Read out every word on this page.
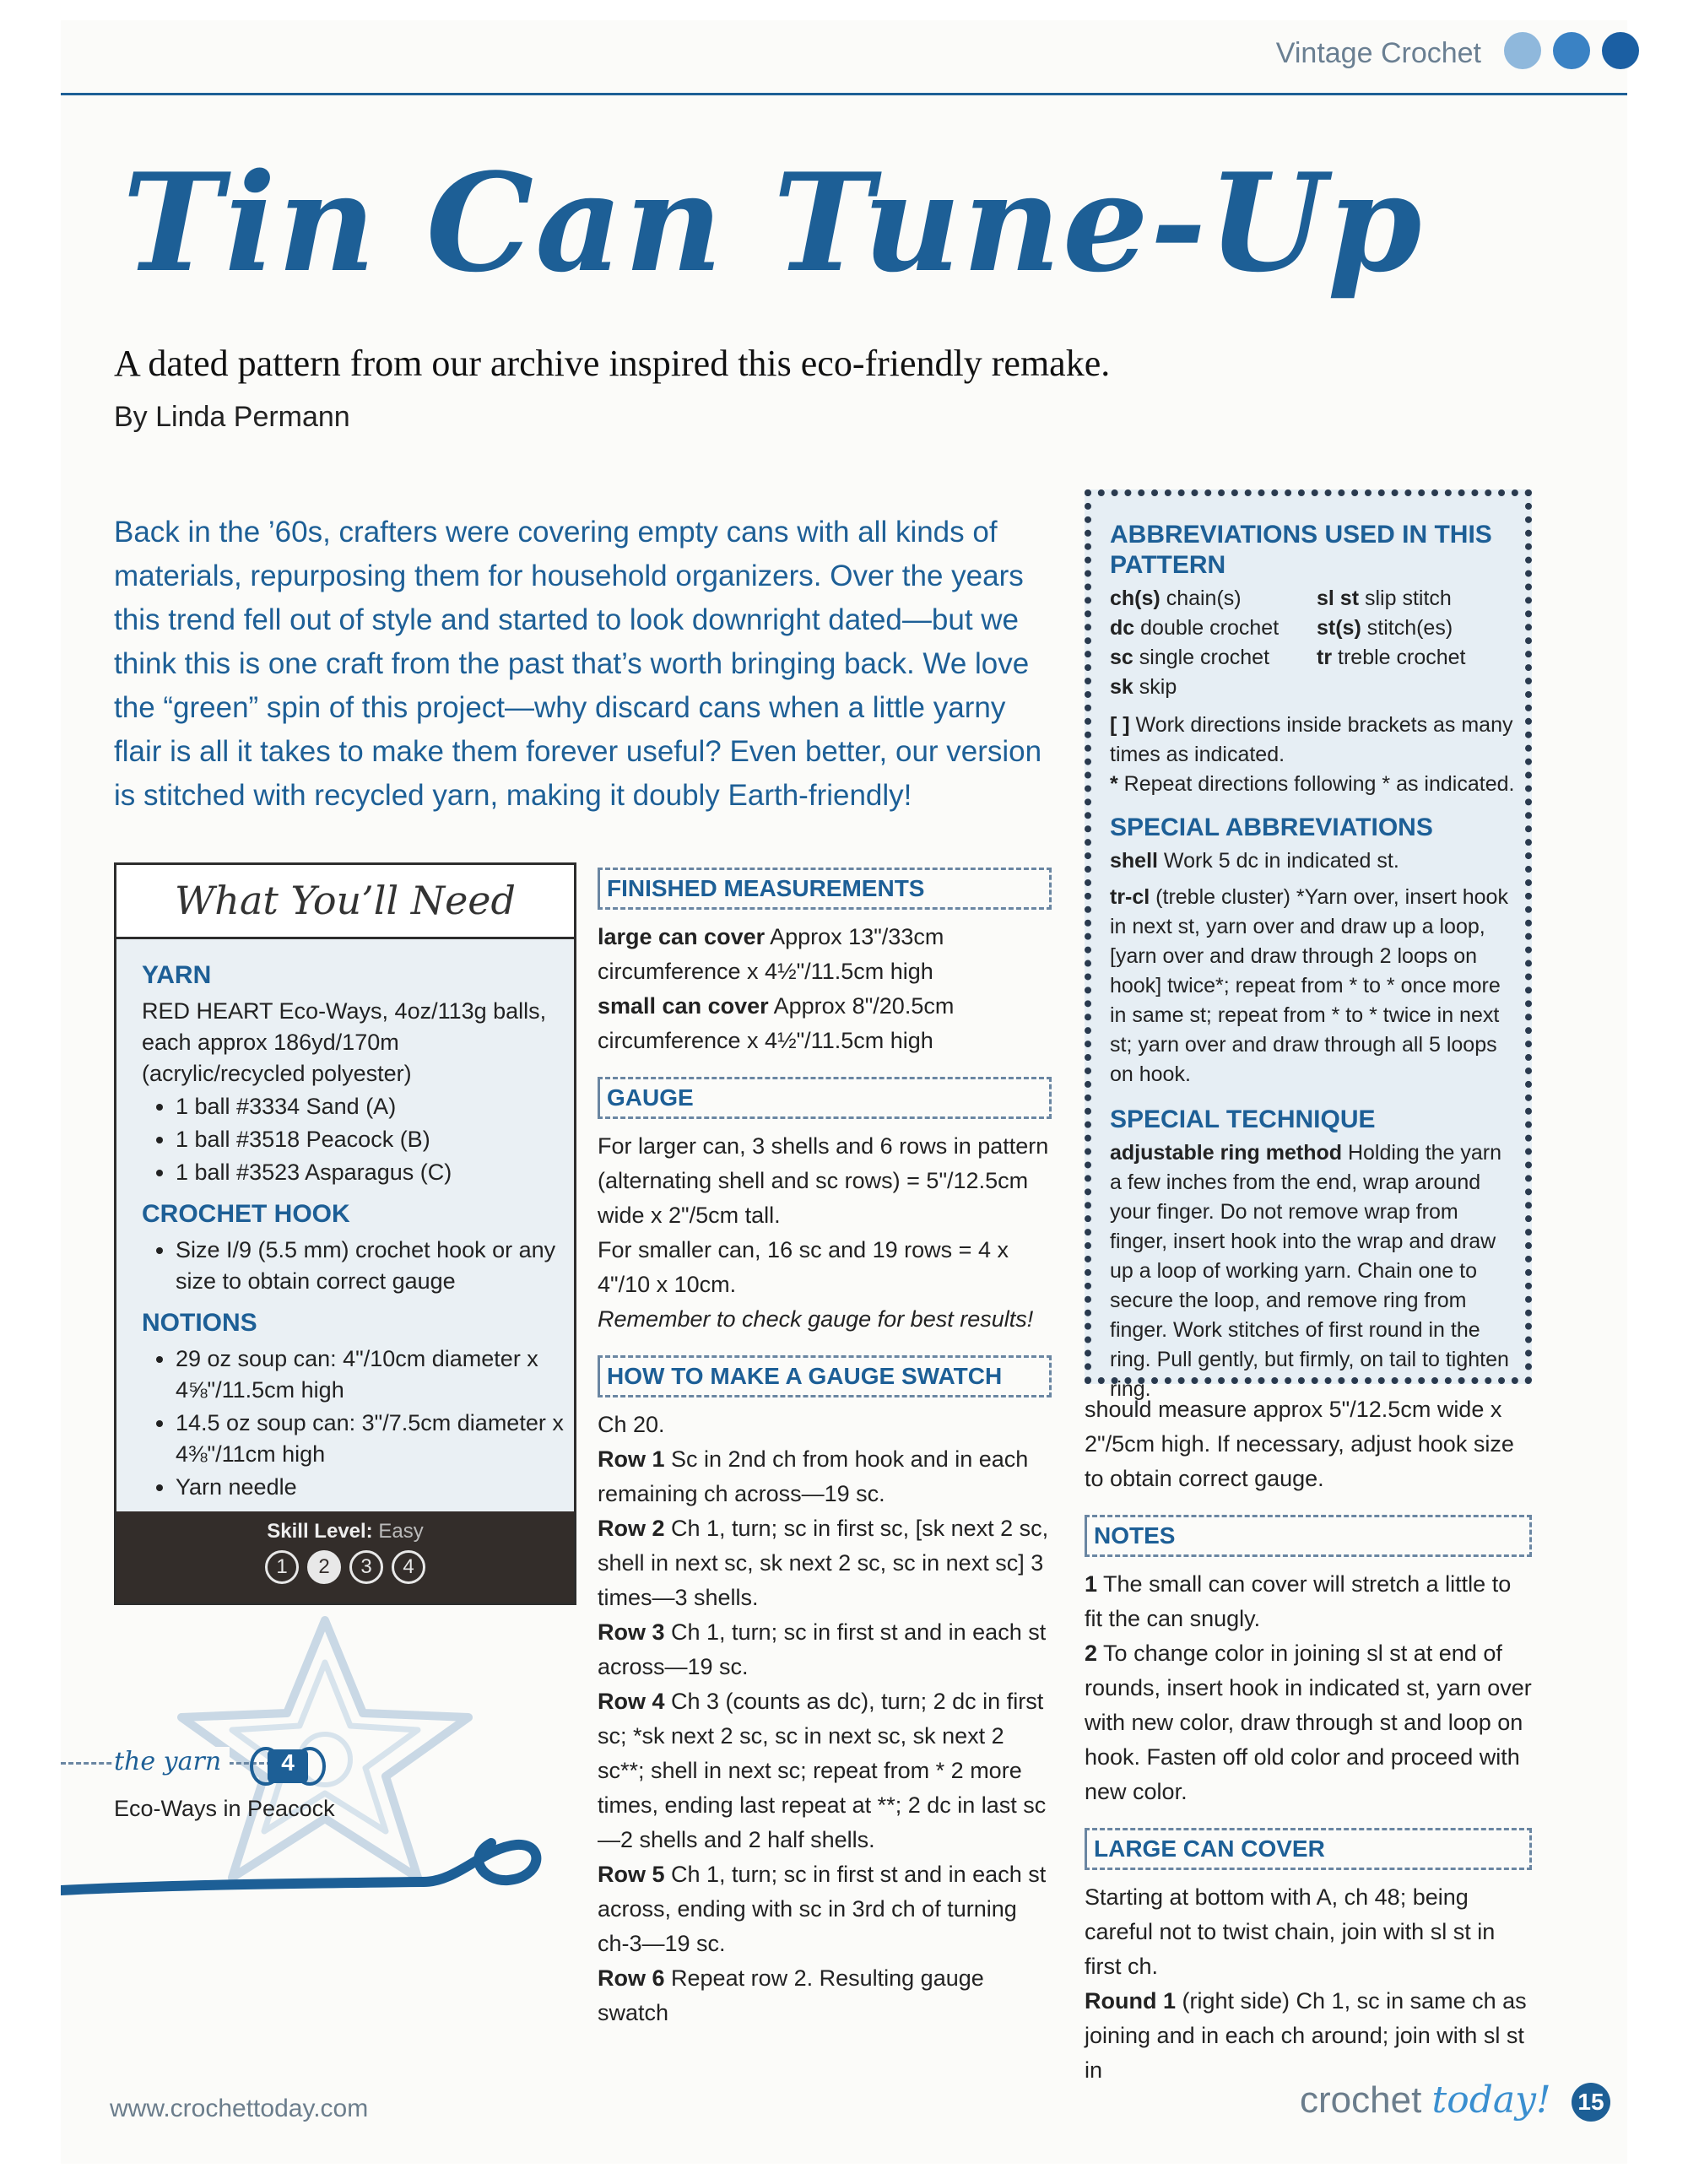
Vintage Crochet
Tin Can Tune-Up
A dated pattern from our archive inspired this eco-friendly remake.
By Linda Permann
Back in the ’60s, crafters were covering empty cans with all kinds of materials, repurposing them for household organizers. Over the years this trend fell out of style and started to look downright dated—but we think this is one craft from the past that’s worth bringing back. We love the “green” spin of this project—why discard cans when a little yarny flair is all it takes to make them forever useful? Even better, our version is stitched with recycled yarn, making it doubly Earth-friendly!
What You’ll Need
YARN

RED HEART Eco-Ways, 4oz/113g balls, each approx 186yd/170m (acrylic/recycled polyester)

• 1 ball #3334 Sand (A)
• 1 ball #3518 Peacock (B)
• 1 ball #3523 Asparagus (C)
CROCHET HOOK
• Size I/9 (5.5 mm) crochet hook or any size to obtain correct gauge
NOTIONS
• 29 oz soup can: 4"/10cm diameter x 4⅝"/11.5cm high
• 14.5 oz soup can: 3"/7.5cm diameter x 4⅜"/11cm high
• Yarn needle
Skill Level: Easy
1	2	3	4
the yarn	4
Eco-Ways in Peacock
FINISHED MEASUREMENTS

large can cover Approx 13"/33cm circumference x 4½"/11.5cm high

small can cover Approx 8"/20.5cm circumference x 4½"/11.5cm high

GAUGE

For larger can, 3 shells and 6 rows in pattern (alternating shell and sc rows) = 5"/12.5cm wide x 2"/5cm tall.

For smaller can, 16 sc and 19 rows = 4 x 4"/10 x 10cm.

Remember to check gauge for best results!

HOW TO MAKE A GAUGE SWATCH

Ch 20.

Row 1 Sc in 2nd ch from hook and in each remaining ch across—19 sc.

Row 2 Ch 1, turn; sc in first sc, [sk next 2 sc, shell in next sc, sk next 2 sc, sc in next sc] 3 times—3 shells.

Row 3 Ch 1, turn; sc in first st and in each st across—19 sc.

Row 4 Ch 3 (counts as dc), turn; 2 dc in first sc; *sk next 2 sc, sc in next sc, sk next 2 sc**; shell in next sc; repeat from * 2 more times, ending last repeat at **; 2 dc in last sc—2 shells and 2 half shells.

Row 5 Ch 1, turn; sc in first st and in each st across, ending with sc in 3rd ch of turning ch-3—19 sc.

Row 6 Repeat row 2. Resulting gauge swatch

ABBREVIATIONS USED IN THIS PATTERN
ch(s) chain(s)	sl st slip stitch
dc double crochet	st(s) stitch(es)
sc single crochet	tr treble crochet
sk skip

[ ] Work directions inside brackets as many times as indicated.

* Repeat directions following * as indicated.

SPECIAL ABBREVIATIONS

shell Work 5 dc in indicated st.

tr-cl (treble cluster) *Yarn over, insert hook in next st, yarn over and draw up a loop, [yarn over and draw through 2 loops on hook] twice*; repeat from * to * once more in same st; repeat from * to * twice in next st; yarn over and draw through all 5 loops on hook.

SPECIAL TECHNIQUE

adjustable ring method Holding the yarn a few inches from the end, wrap around your finger. Do not remove wrap from finger, insert hook into the wrap and draw up a loop of working yarn. Chain one to secure the loop, and remove ring from finger. Work stitches of first round in the ring. Pull gently, but firmly, on tail to tighten ring.

should measure approx 5"/12.5cm wide x 2"/5cm high. If necessary, adjust hook size to obtain correct gauge.

NOTES

1 The small can cover will stretch a little to fit the can snugly.

2 To change color in joining sl st at end of rounds, insert hook in indicated st, yarn over with new color, draw through st and loop on hook. Fasten off old color and proceed with new color.

LARGE CAN COVER

Starting at bottom with A, ch 48; being careful not to twist chain, join with sl st in first ch.

Round 1 (right side) Ch 1, sc in same ch as joining and in each ch around; join with sl st in

www.crochettoday.com	crochet today! 15
